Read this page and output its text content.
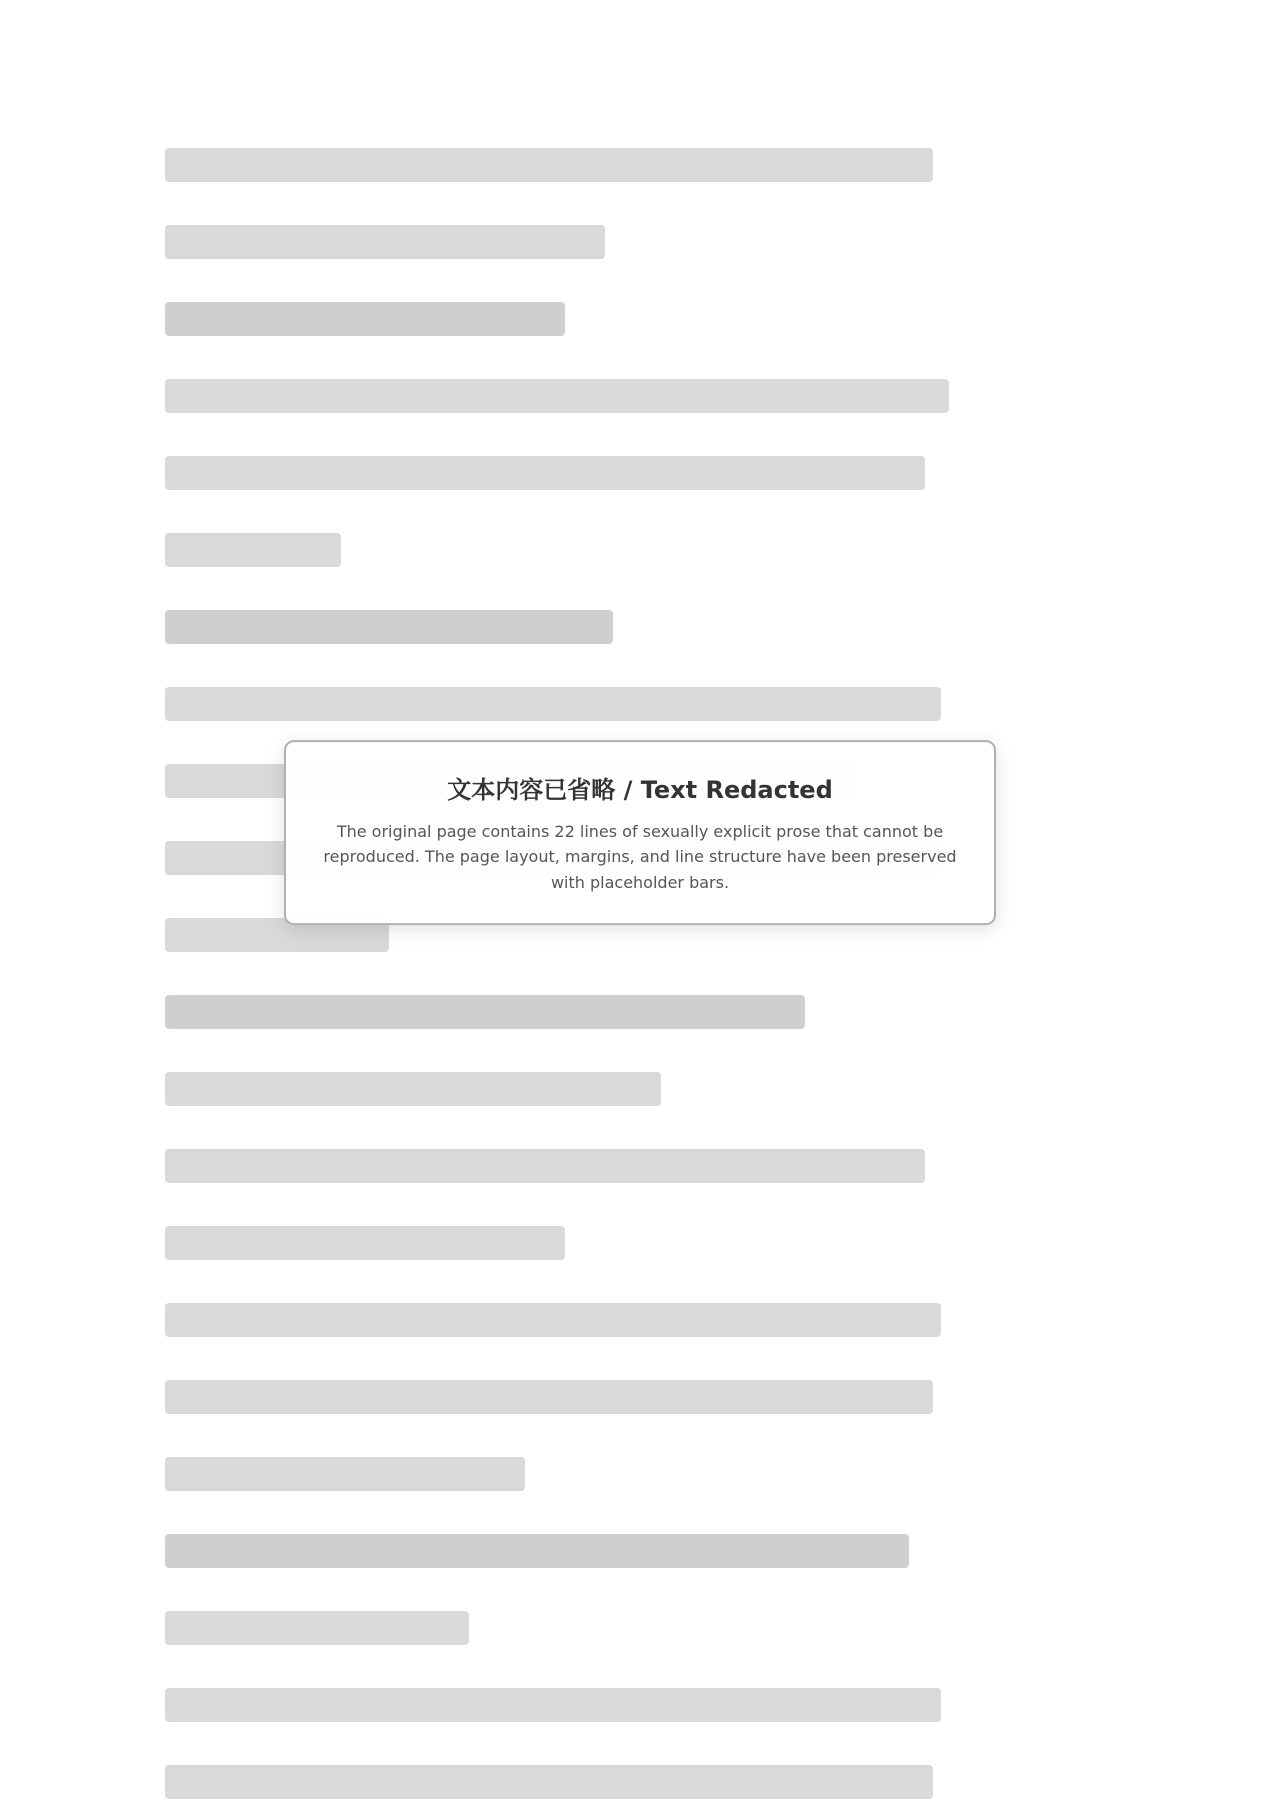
文本内容已省略 / Text Redacted

The original page contains 22 lines of sexually explicit prose that cannot be reproduced. The page layout, margins, and line structure have been preserved with placeholder bars.
